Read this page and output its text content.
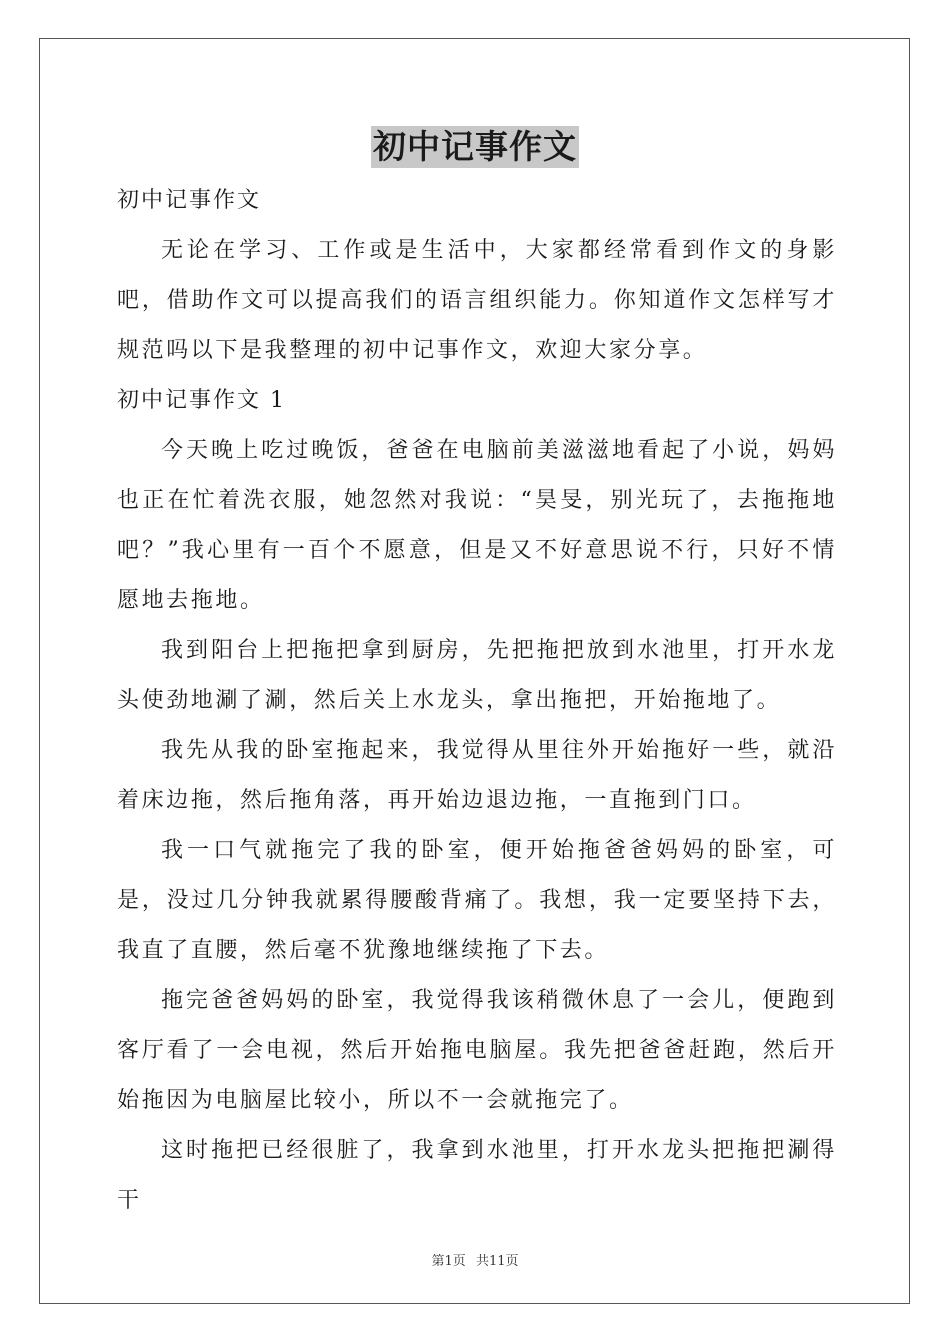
初中记事作文

初中记事作文

无论在学习、工作或是生活中，大家都经常看到作文的身影吧，借助作文可以提高我们的语言组织能力。你知道作文怎样写才规范吗以下是我整理的初中记事作文，欢迎大家分享。

初中记事作文 1

今天晚上吃过晚饭，爸爸在电脑前美滋滋地看起了小说，妈妈也正在忙着洗衣服，她忽然对我说：“昊旻，别光玩了，去拖拖地吧？”我心里有一百个不愿意，但是又不好意思说不行，只好不情愿地去拖地。

我到阳台上把拖把拿到厨房，先把拖把放到水池里，打开水龙头使劲地涮了涮，然后关上水龙头，拿出拖把，开始拖地了。

我先从我的卧室拖起来，我觉得从里往外开始拖好一些，就沿着床边拖，然后拖角落，再开始边退边拖，一直拖到门口。

我一口气就拖完了我的卧室，便开始拖爸爸妈妈的卧室，可是，没过几分钟我就累得腰酸背痛了。我想，我一定要坚持下去，我直了直腰，然后毫不犹豫地继续拖了下去。

拖完爸爸妈妈的卧室，我觉得我该稍微休息了一会儿，便跑到客厅看了一会电视，然后开始拖电脑屋。我先把爸爸赶跑，然后开始拖因为电脑屋比较小，所以不一会就拖完了。

这时拖把已经很脏了，我拿到水池里，打开水龙头把拖把涮得干

第1页 共11页
